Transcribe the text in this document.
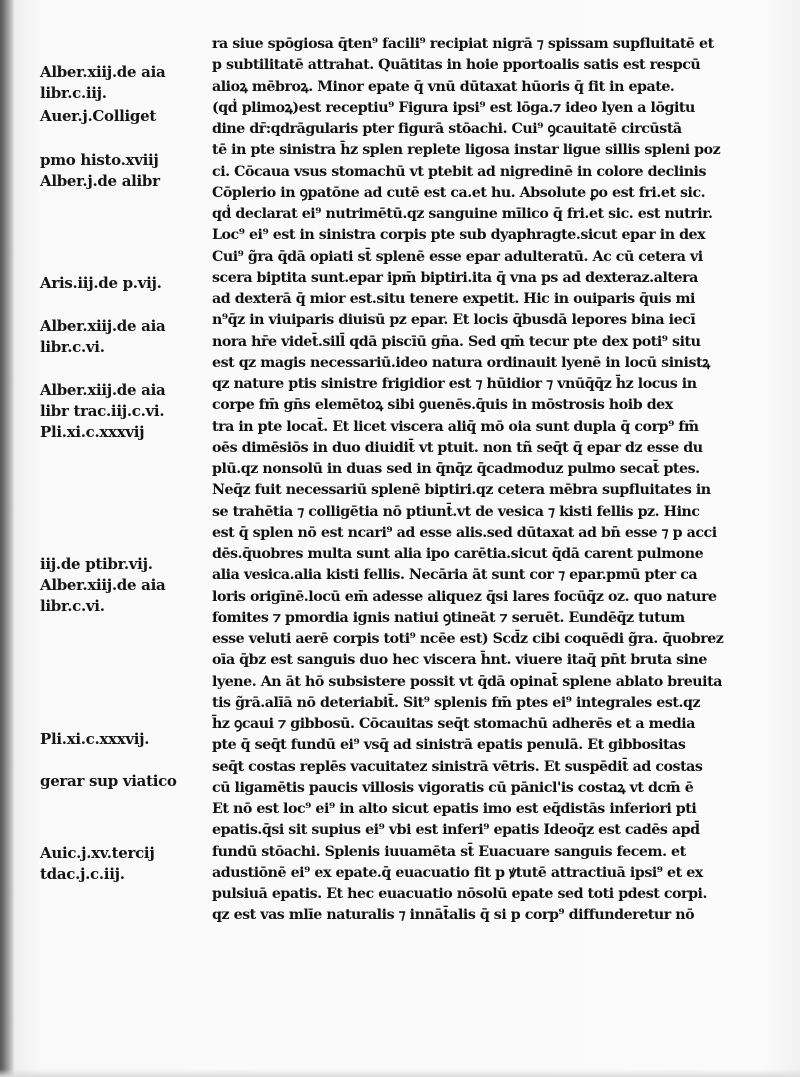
Alber.xiij.de aia
libr.c.iij.
Auer.j.Colliget
pmo histo.xviij
Alber.j.de alibr
Aris.iij.de p.vij.
Alber.xiij.de aia
libr.c.vi.
Alber.xiij.de aia
libr trac.iij.c.vi.
Pli.xi.c.xxxvij
iij.de ptibr.vij.
Alber.xiij.de aia
libr.c.vi.
Pli.xi.c.xxxvij.
gerar sup viatico
Auic.j.xv.tercij
tdac.j.c.iij.
ra siue spōgiosa q̄ten⁹ facili⁹ recipiat nigrā ⁊ spissam supfluitatē et
p subtilitatē attrahat. Quātitas in hoie pportoalis satis est respcū
alioꝝ mēbroꝝ. Minor epate q̄ vnū dūtaxat hūoris q̄ fit in epate.
(qḋ plimoꝝ)est receptiu⁹ Figura ipsi⁹ est lōga.⁊ ideo lyen a lōgitu
dine dr̄:qdrāgularis pter figurā stōachi. Cui⁹ ꝯcauitatē circūstā
tē in pte sinistra h̄z splen replete ligosa instar ligue sillis spleni poz
ci. Cōcaua vsus stomachū vt ptebit ad nigredinē in colore declinis
Cōplerio in ꝯpatōne ad cutē est ca.et hu. Absolute ꝑo est fri.et sic.
qḋ declarat ei⁹ nutrimētū.qz sanguine mīlico q̄ fri.et sic. est nutrir.
Loc⁹ ei⁹ est in sinistra corpis pte sub dyaphragte.sicut epar in dex
Cui⁹ g̃ra q̄dā opiati st̄ splenē esse epar adulteratū. Ac cū cetera vi
scera biptita sunt.epar ipm̄ biptiri.ita q̄ vna ps ad dexteraz.altera
ad dexterā q̄ mior est.situ tenere expetit. Hic in ouiparis q̄uis mi
n⁹q̄z in viuiparis diuisū pz epar. Et locis q̄busdā lepores bina iecī
nora hr̄e videt̄.sill̄ qdā piscīū gn̄a. Sed qm̄ tecur pte dex poti⁹ situ
est qz magis necessariū.ideo natura ordinauit lyenē in locū sinistꝝ
qz nature ptis sinistre frigidior est ⁊ hūidior ⁊ vnūq̄q̄z h̄z locus in
corpe fm̄ gn̄s elemētoꝝ sibi ꝯuenēs.q̄uis in mōstrosis hoib dex
tra in pte locat̄. Et licet viscera aliq̄ mō oia sunt dupla q̄ corp⁹ fm̄
oēs dimēsiōs in duo diuidit̄ vt ptuit. non tñ seq̄t q̄ epar dz esse du
plū.qz nonsolū in duas sed in q̄nq̄z q̄cadmoduz pulmo secat̄ ptes.
Neq̄z fuit necessariū splenē biptiri.qz cetera mēbra supfluitates in
se trahētia ⁊ colligētia nō ptiunt̄.vt de vesica ⁊ kisti fellis pz. Hinc
est q̄ splen nō est ncari⁹ ad esse alis.sed dūtaxat ad bn̄ esse ⁊ p acci
dēs.q̄uobres multa sunt alia ipo carētia.sicut q̄dā carent pulmone
alia vesica.alia kisti fellis. Necāria āt sunt cor ⁊ epar.pmū pter ca
loris origīnē.locū em̄ adesse aliquez q̄si lares focūq̄z oz. quo nature
fomites ⁊ pmordia ignis natiui ꝯtineāt ⁊ seruēt. Eundēq̄z tutum
esse veluti aerē corpis toti⁹ ncēe est) Scd̄z cibi coquēdi g̃ra. q̄uobrez
oīa q̄bz est sanguis duo hec viscera h̄nt. viuere itaq̄ pn̄t bruta sine
lyene. An āt hō subsistere possit vt q̄dā opinat̄ splene ablato breuita
tis g̃rā.alīā nō deteriabit̄. Sit⁹ splenis fm̄ ptes ei⁹ integrales est.qz
h̄z ꝯcaui ⁊ gibbosū. Cōcauitas seq̄t stomachū adherēs et a media
pte q̄ seq̄t fundū ei⁹ vsq̄ ad sinistrā epatis penulā. Et gibbositas
seq̄t costas replēs vacuitatez sinistrā vētris. Et suspēdit̄ ad costas
cū ligamētis paucis villosis vigoratis cū pānicl'is costaꝝ vt dcm̄ ē
Et nō est loc⁹ ei⁹ in alto sicut epatis imo est eq̄distās inferiori pti
epatis.q̄si sit supius ei⁹ vbi est inferi⁹ epatis Ideoq̄z est cadēs apd̄
fundū stōachi. Splenis iuuamēta st̄ Euacuare sanguis fecem. et
adustiōnē ei⁹ ex epate.q̄ euacuatio fit p ꝟtutē attractiuā ipsi⁹ et ex
pulsiuā epatis. Et hec euacuatio nōsolū epate sed toti pdest corpi.
qz est vas mlīe naturalis ⁊ innāt̄alis q̄ si p corp⁹ diffunderetur nō
